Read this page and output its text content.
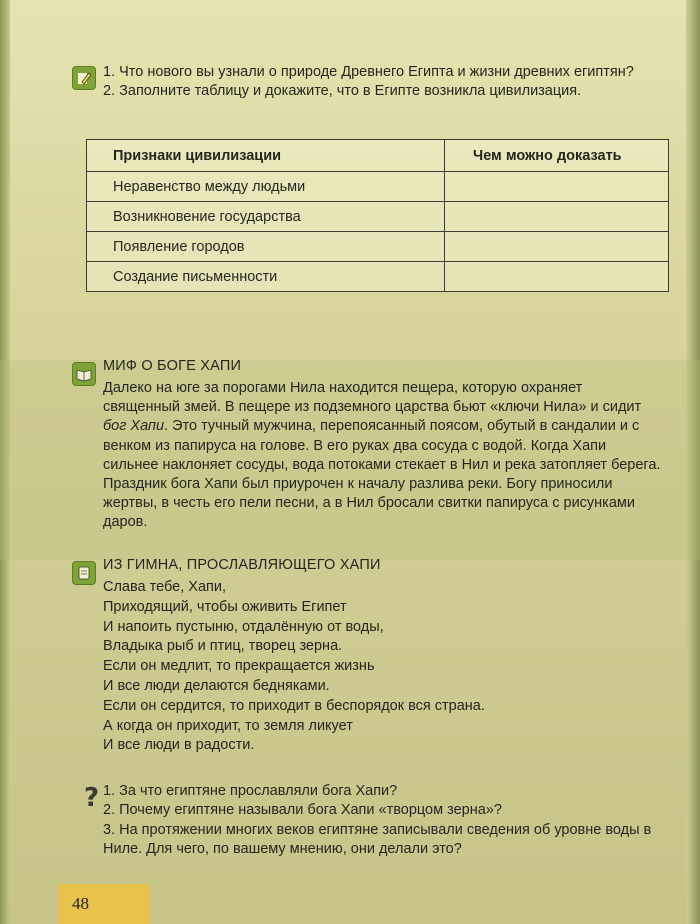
1. Что нового вы узнали о природе Древнего Египта и жизни древних египтян?
2. Заполните таблицу и докажите, что в Египте возникла цивилизация.
Признаки цивилизации	Чем можно доказать
Неравенство между людьми	
Возникновение государства	
Появление городов	
Создание письменности	
МИФ О БОГЕ ХАПИ
Далеко на юге за порогами Нила находится пещера, которую охраняет священный змей. В пещере из подземного царства бьют «ключи Нила» и сидит бог Хапи. Это тучный мужчина, перепоясанный поясом, обутый в сандалии и с венком из папируса на голове. В его руках два сосуда с водой. Когда Хапи сильнее наклоняет сосуды, вода потоками стекает в Нил и река затопляет берега. Праздник бога Хапи был приурочен к началу разлива реки. Богу приносили жертвы, в честь его пели песни, а в Нил бросали свитки папируса с рисунками даров.
ИЗ ГИМНА, ПРОСЛАВЛЯЮЩЕГО ХАПИ
Слава тебе, Хапи,
Приходящий, чтобы оживить Египет
И напоить пустыню, отдалённую от воды,
Владыка рыб и птиц, творец зерна.
Если он медлит, то прекращается жизнь
И все люди делаются бедняками.
Если он сердится, то приходит в беспорядок вся страна.
А когда он приходит, то земля ликует
И все люди в радости.
? 1. За что египтяне прославляли бога Хапи?
2. Почему египтяне называли бога Хапи «творцом зерна»?
3. На протяжении многих веков египтяне записывали сведения об уровне воды в Ниле. Для чего, по вашему мнению, они делали это?
48
